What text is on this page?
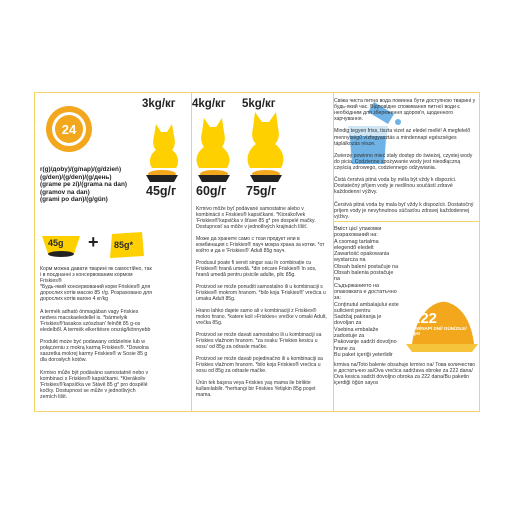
24
r(g)/доby)/(g/nap)/(g/dzień)
(g/den)/(g/den)/(g/день)
(grame pe zi)/(grama na dan)
(gramov na dan)
(grami po dan)/(g/gün)
3kg/кг 4kg/кг 5kg/кг
45g/г 60g/г 75g/г
45g + 85g*
Корм можна давати тварині як самостійно, так і в поєднанні з консервованим кормом Friskies®
*Будь-який консервований корм Friskies® для дорослих котів масою 85 г/g. Розраховано для дорослих котів вагою 4 кг/kg

A termék adható önmagában vagy Friskies nedves macskaeledellel is. *bármelyik 'Friskies®'tasakos szószban' felnőtt 85 g-os eledelből. A termék elkerítésre ország/könnyebb

Produkt może być podawany oddzielnie lub w połączeniu z mokrą karmą Friskies®. *Dowolna saszetka mokrej karmy Friskies® w Sosie 85 g dla dorosłych kotów.

Krmivo může být podáváno samostatně nebo v kombinaci s Friskies® kapsičkami. *Kterákoliv 'Friskies®'kapsička ve Stávě 85 g* pro dospělé kočky. Dostupnost se může v jednotlivých zemích lišit.
Krmivo môže byť podávané samostatne alebo v kombinácii s Friskies® kapsičkami. *Ktorákoľvek 'Friskies®'kapsička v šťave 85 g* pre dospelé mačky. Dostupnosť sa môže v jednotlivých krajinách líšiť.

Може да храните само с този продукт или в комбинация с Friskies® пауч мокра храна за котки. *от който и да е 'Friskies®' Adult 85g пауч.

Produsul poate fi servit singur sau în combinație cu Friskies® hrană umedă. *din oricare Friskies® în sos, hrană umedă pentru pisicile adulte, plic 85g.

Proizvod se može ponuditi samostalno ili u kombinaciji s Friskies® mokrom hranom. *bilo koja 'Friskies®' vrećica u umaku Adult 85g.

Hrano lahko dajete samo ali v kombinaciji z Friskies® mokro hrano. *katere koli »Friskies« vrečke v omaki Adult, vrečka 85g.

Proizvod se može davati samostalno ili u kombinaciji sa Friskies vlažnom hranom. *za svaku 'Friskies kesicu u sosu' od 85g za odrasle mačke.

Proizvod se može davati pojedinačno ili u kombinaciji sa Friskies vlažnom hranom. *bilo koja Friskies® vrećica u sosu od 85g za odrasle mačke.

Ürün tek başına veya Friskies yaş mama ile birlikte kullanılabilir. *herhangi bir Friskies Yetişkin 85g poşet mama.
Свіжа чиста питна вода повинна бути доступною тварині у будь-який час. Відповідне споживання питної води є необхідним для збереження здоров'я, щоденного харчування.

Mindig tegyen friss, tiszta vizet az eledel mellé! A megfelelő mennyiségű vízfogyasztás a mindennapi egészséges táplálkozás része.

Zwierzę powinno mieć stały dostęp do świeżej, czystej wody do picia. Codzienne spożywanie wody jest nieodłączną częścią zdrowego, codziennego odżywiania.

Čistá čerstvá pitná voda by měla být vždy k dispozici. Dostatečný příjem vody je nedílnou součástí zdravé každodenní výživy.

Čerstvá pitná voda by mala byť vždy k dispozícii. Dostatočný príjem vody je nevyhnutnou súčasťou zdravej každodennej výživy.
Вміст цієї упаковки розрахований на:
A csomag tartalma elegendő eledelt
Zawartość opakowania wystarcza na
Obsah balení postačuje na
Obsah balenia postačuje na
Съдържанието на опаковката е достатъчно за:
Conținutul ambalajului este suficient pentru
Sadržaj pakiranja je dovoljan za
Vsebina embalaže zadostuje za
Pakovanje sadrži dovoljno hrane za
Bu paket içeriği yeterlidir
222
DNI/NAP/ DNÍ/ GÜN/ZILE/ДНІ
krmiva na/Toto balenie obsahuje krmivo na/ Това количество е достатъчно за/Ova vrećica sadržava obroke za 222 dana/ Ova kesica sadrži dovoljno obroka za 222 dana/Bu paketin içerdiği öğün sayısı
